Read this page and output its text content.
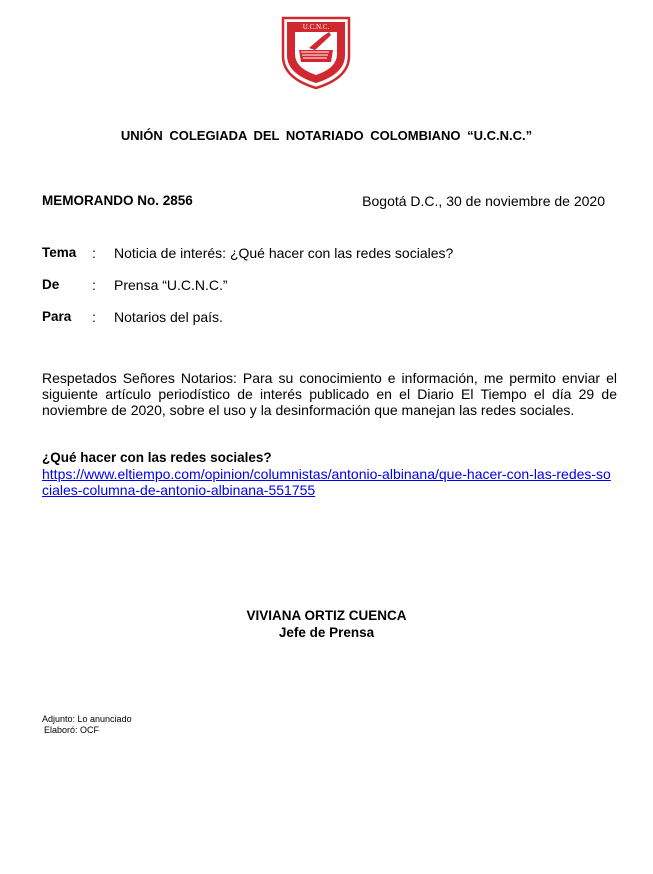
U.C.N.C.
UNIÓN COLEGIADA DEL NOTARIADO COLOMBIANO “U.C.N.C.”
MEMORANDO No. 2856	Bogotá D.C., 30 de noviembre de 2020
Tema : Noticia de interés: ¿Qué hacer con las redes sociales?
De : Prensa “U.C.N.C.”
Para : Notarios del país.
Respetados Señores Notarios: Para su conocimiento e información, me permito enviar el siguiente artículo periodístico de interés publicado en el Diario El Tiempo el día 29 de noviembre de 2020, sobre el uso y la desinformación que manejan las redes sociales.
¿Qué hacer con las redes sociales?
https://www.eltiempo.com/opinion/columnistas/antonio-albinana/que-hacer-con-las-redes-sociales-columna-de-antonio-albinana-551755
VIVIANA ORTIZ CUENCA
Jefe de Prensa
Adjunto: Lo anunciado
Elaboró: OCF
